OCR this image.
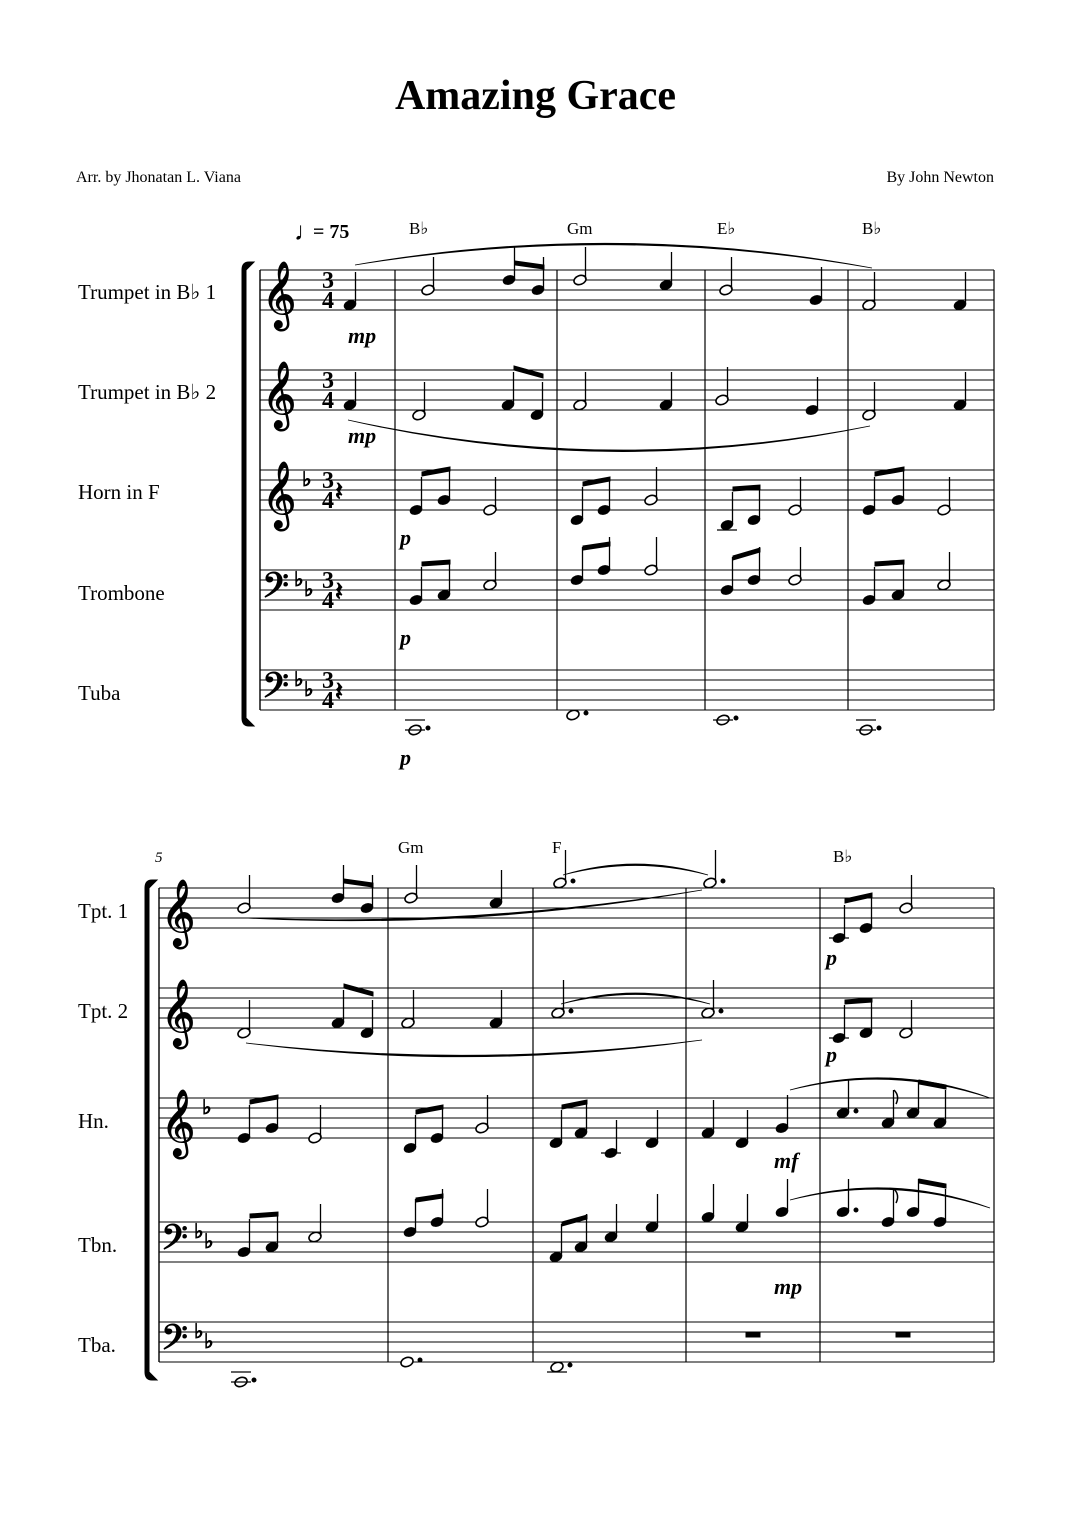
Amazing Grace
Arr. by Jhonatan L. Viana	By John Newton
𝄞
𝄞
𝄞
𝄢
𝄢
♭
♭ ♭
♭ ♭
𝄽
𝄽
𝄽
𝄞
𝄞
𝄞
𝄢
𝄢
♭
♭ ♭
♭ ♭
♩
= 75	B♭	Gm	E♭	B♭
Gm	F	B♭
5
Trumpet in B♭ 1
Trumpet in B♭ 2
Horn in F
Trombone
Tuba
Tpt. 1
Tpt. 2
Hn.
Tbn.
Tba.
3
4
3
4
3
4
3
4
3
4
mp
mp
p
p
p
p
p
mf
mp
